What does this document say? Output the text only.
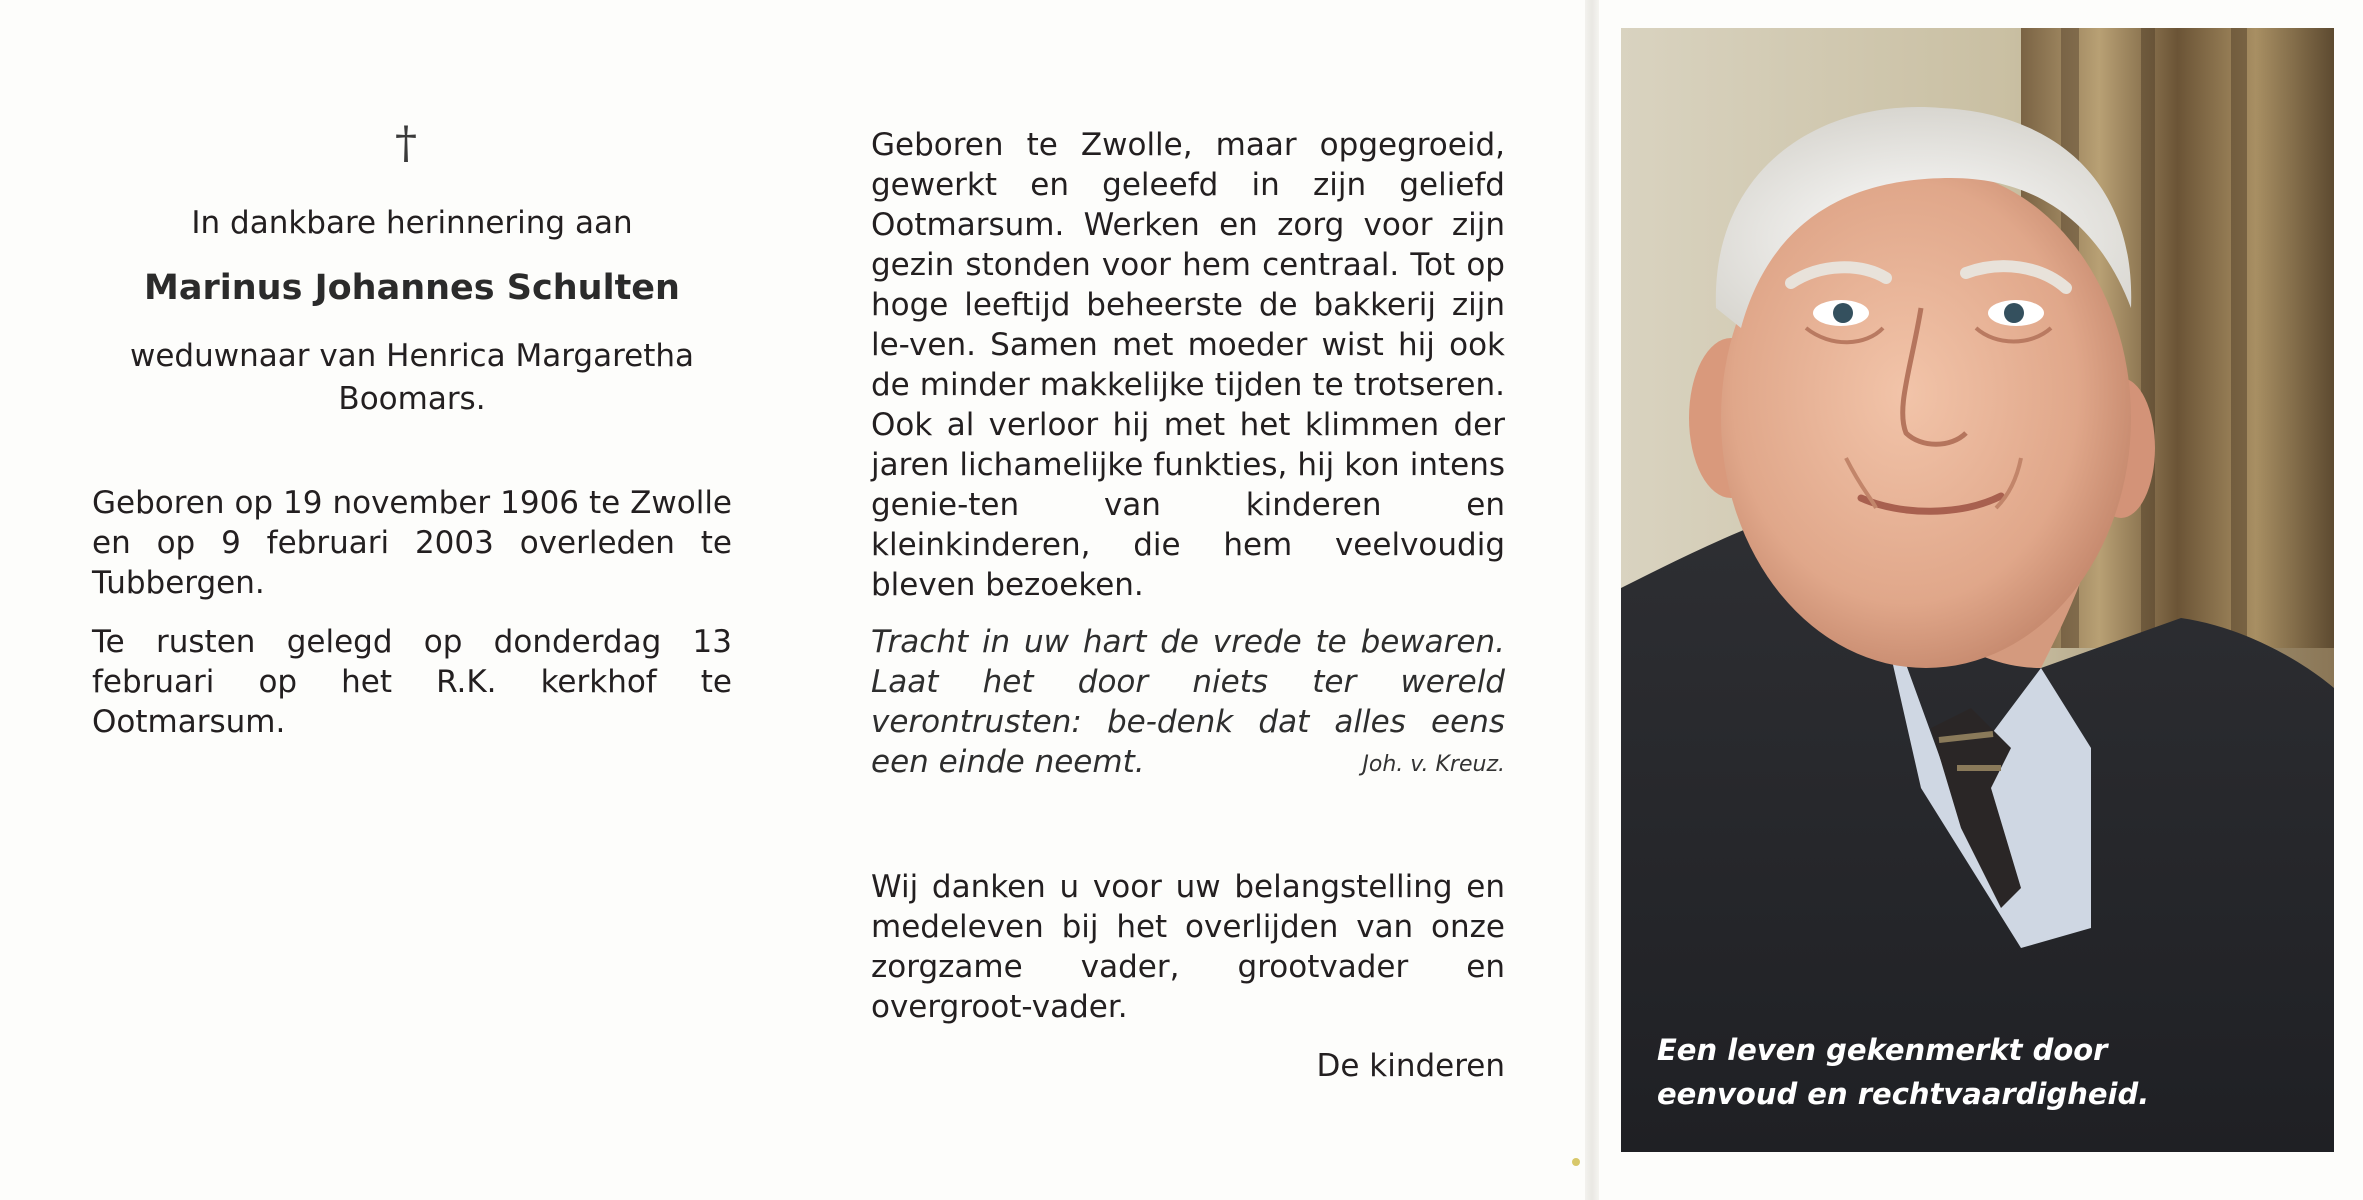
†
In dankbare herinnering aan
Marinus Johannes Schulten
weduwnaar van Henrica Margaretha
Boomars.
Geboren op 19 november 1906 te Zwolle en op 9 februari 2003 overleden te Tubbergen.
Te rusten gelegd op donderdag 13 februari op het R.K. kerkhof te Ootmarsum.
Geboren te Zwolle, maar opgegroeid, gewerkt en geleefd in zijn geliefd Ootmarsum. Werken en zorg voor zijn gezin stonden voor hem centraal. Tot op hoge leeftijd beheerste de bakkerij zijn le-ven. Samen met moeder wist hij ook de minder makkelijke tijden te trotseren. Ook al verloor hij met het klimmen der jaren lichamelijke funkties, hij kon intens genie-ten van kinderen en kleinkinderen, die hem veelvoudig bleven bezoeken.
Tracht in uw hart de vrede te bewaren. Laat het door niets ter wereld verontrusten: be-denk dat alles eens een einde neemt.	Joh. v. Kreuz.
Wij danken u voor uw belangstelling en medeleven bij het overlijden van onze zorgzame vader, grootvader en overgroot-vader.
De kinderen	Een leven gekenmerkt door
eenvoud en rechtvaardigheid.
